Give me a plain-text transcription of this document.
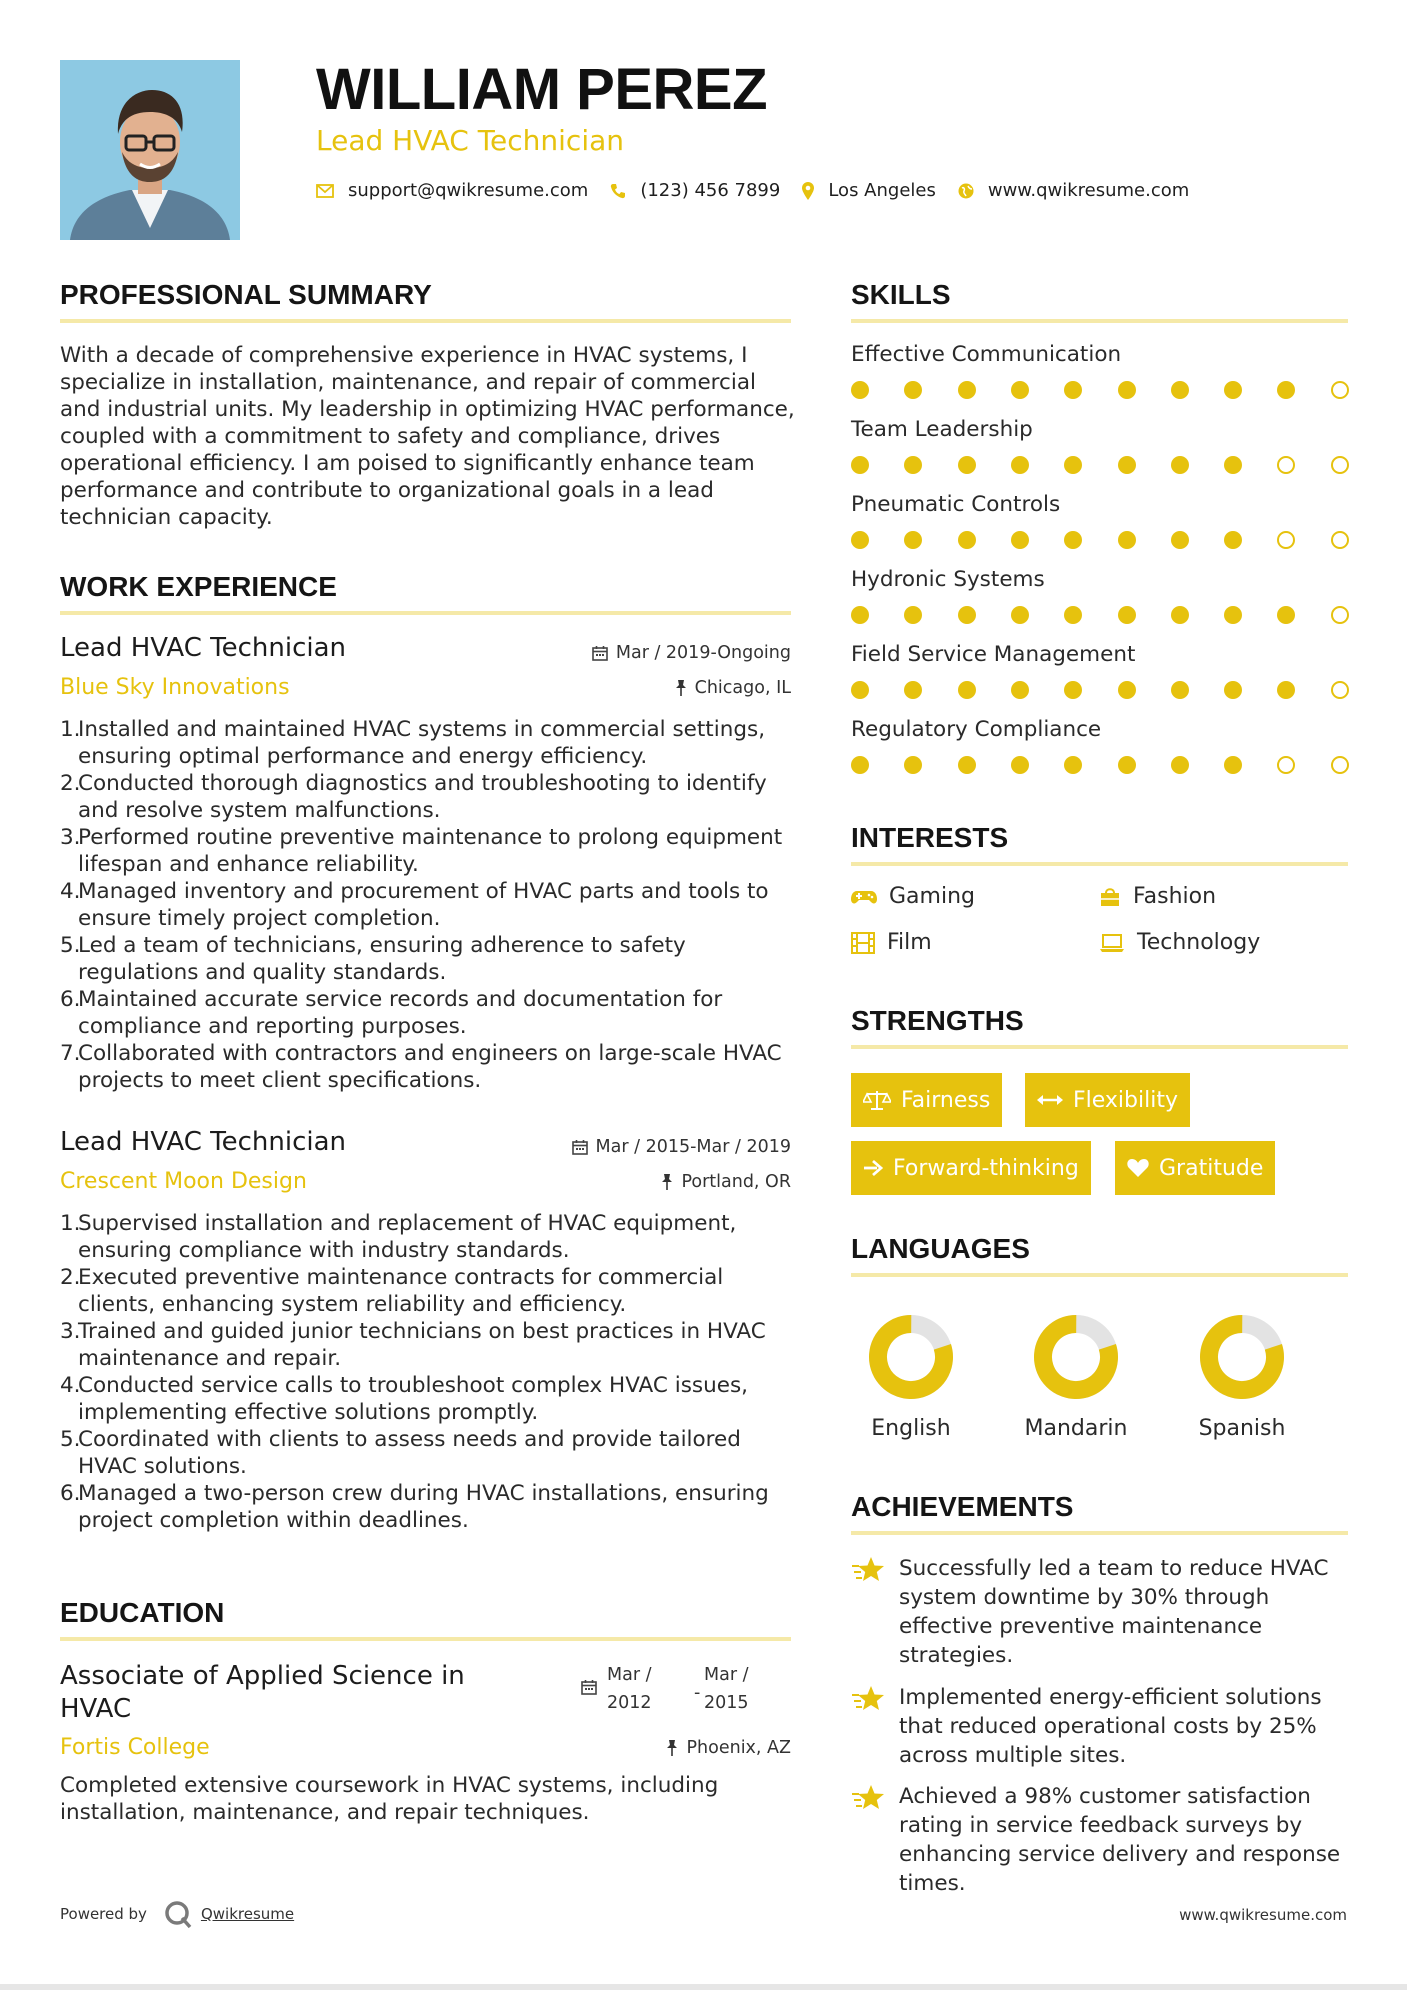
WILLIAM PEREZ
Lead HVAC Technician
support@qwikresume.com	(123) 456 7899	Los Angeles	www.qwikresume.com
PROFESSIONAL SUMMARY
With a decade of comprehensive experience in HVAC systems, I specialize in installation, maintenance, and repair of commercial and industrial units. My leadership in optimizing HVAC performance, coupled with a commitment to safety and compliance, drives operational efficiency. I am poised to significantly enhance team performance and contribute to organizational goals in a lead technician capacity.
WORK EXPERIENCE
Lead HVAC Technician	Mar / 2019-Ongoing
Blue Sky Innovations	Chicago, IL
1.
Installed and maintained HVAC systems in commercial settings, ensuring optimal performance and energy efficiency.
2.
Conducted thorough diagnostics and troubleshooting to identify and resolve system malfunctions.
3.
Performed routine preventive maintenance to prolong equipment lifespan and enhance reliability.
4.
Managed inventory and procurement of HVAC parts and tools to ensure timely project completion.
5.
Led a team of technicians, ensuring adherence to safety regulations and quality standards.
6.
Maintained accurate service records and documentation for compliance and reporting purposes.
7.
Collaborated with contractors and engineers on large-scale HVAC projects to meet client specifications.
Lead HVAC Technician	Mar / 2015-Mar / 2019
Crescent Moon Design	Portland, OR
1.
Supervised installation and replacement of HVAC equipment, ensuring compliance with industry standards.
2.
Executed preventive maintenance contracts for commercial clients, enhancing system reliability and efficiency.
3.
Trained and guided junior technicians on best practices in HVAC maintenance and repair.
4.
Conducted service calls to troubleshoot complex HVAC issues, implementing effective solutions promptly.
5.
Coordinated with clients to assess needs and provide tailored HVAC solutions.
6.
Managed a two-person crew during HVAC installations, ensuring project completion within deadlines.
EDUCATION
Associate of Applied Science in HVAC
Mar /
2012 -
Mar /
2015
Fortis College	Phoenix, AZ
Completed extensive coursework in HVAC systems, including installation, maintenance, and repair techniques.
SKILLS
Effective Communication
Team Leadership
Pneumatic Controls
Hydronic Systems
Field Service Management
Regulatory Compliance
INTERESTS
Gaming	Fashion
Film	Technology
STRENGTHS
Fairness	Flexibility
Forward-thinking	Gratitude
LANGUAGES
English	Mandarin	Spanish
ACHIEVEMENTS
Successfully led a team to reduce HVAC system downtime by 30% through effective preventive maintenance strategies.
Implemented energy-efficient solutions that reduced operational costs by 25% across multiple sites.
Achieved a 98% customer satisfaction rating in service feedback surveys by enhancing service delivery and response times.
Powered by	Qwikresume	www.qwikresume.com
